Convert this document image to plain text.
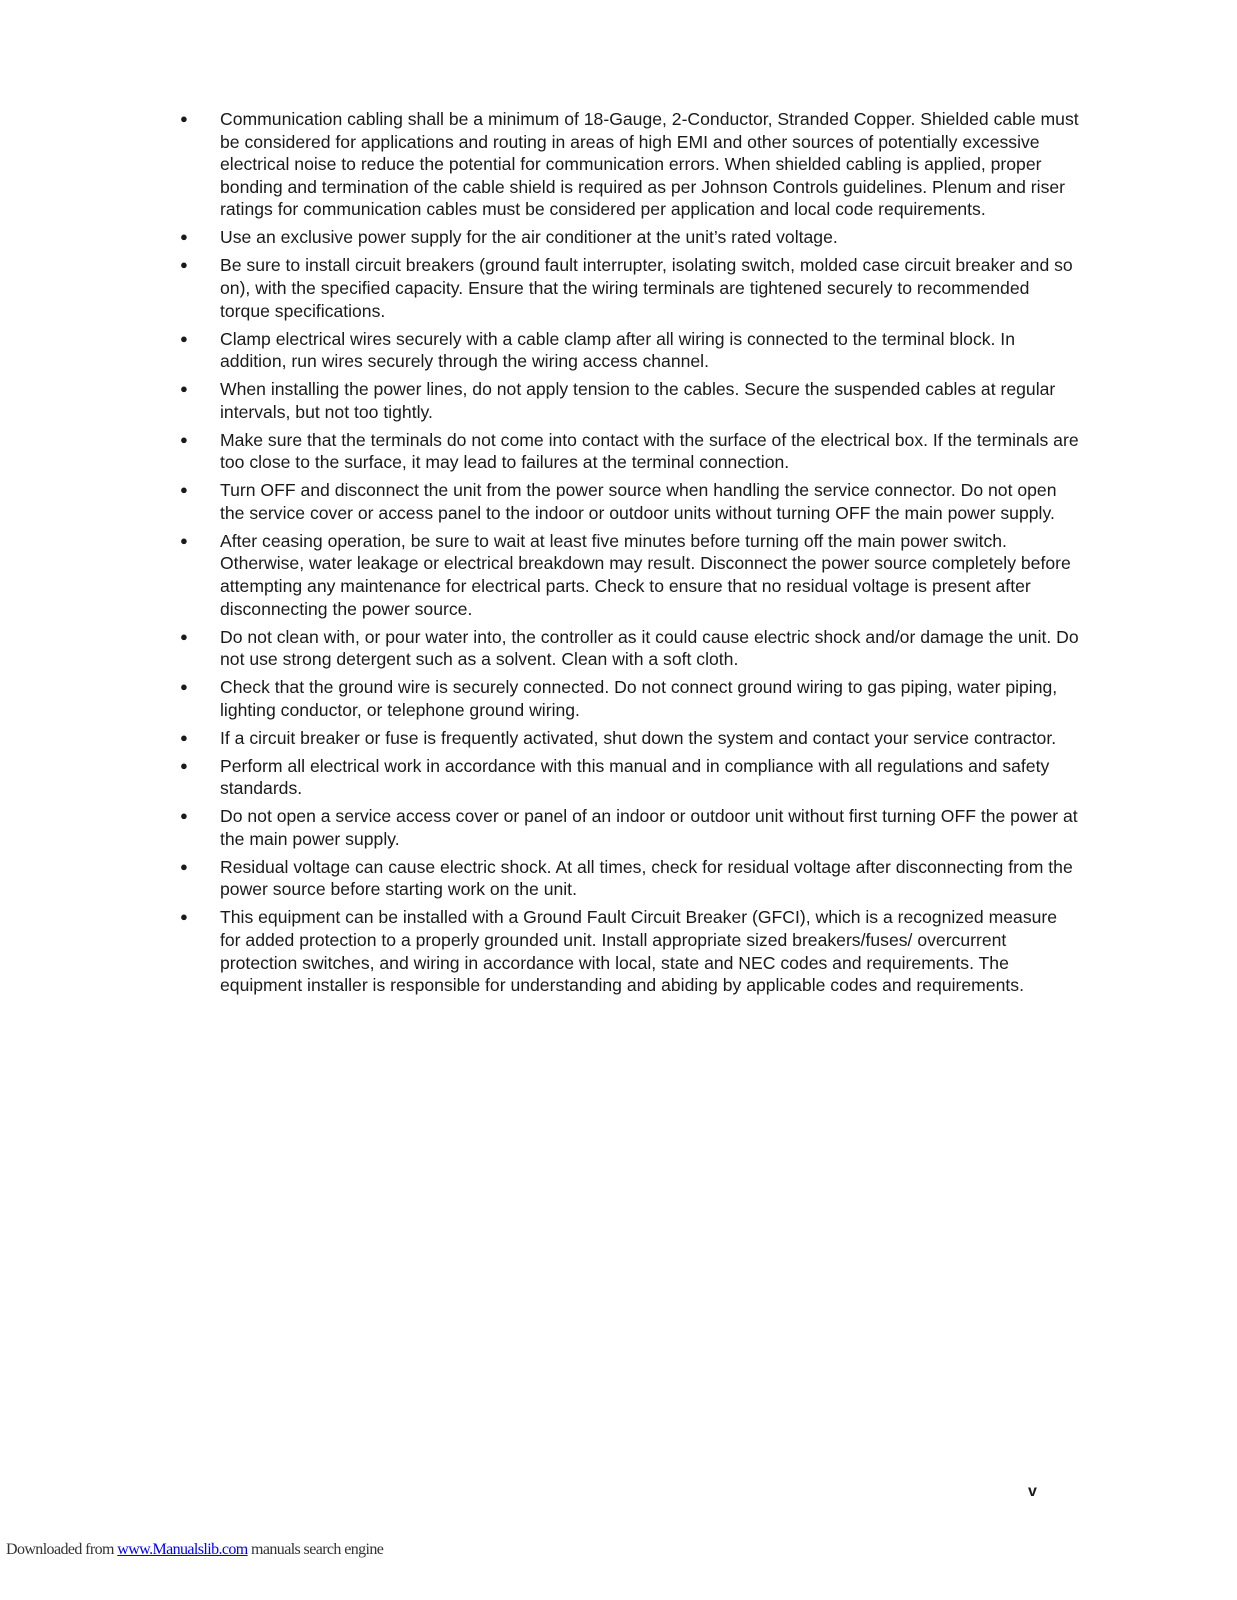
●	Communication cabling shall be a minimum of 18-Gauge, 2-Conductor, Stranded Copper. Shielded cable must be considered for applications and routing in areas of high EMI and other sources of potentially excessive electrical noise to reduce the potential for communication errors. When shielded cabling is applied, proper bonding and termination of the cable shield is required as per Johnson Controls guidelines. Plenum and riser ratings for communication cables must be considered per application and local code requirements.
●	Use an exclusive power supply for the air conditioner at the unit’s rated voltage.
●	Be sure to install circuit breakers (ground fault interrupter, isolating switch, molded case circuit breaker and so on), with the specified capacity. Ensure that the wiring terminals are tightened securely to recommended torque specifications.
●	Clamp electrical wires securely with a cable clamp after all wiring is connected to the terminal block. In addition, run wires securely through the wiring access channel.
●	When installing the power lines, do not apply tension to the cables. Secure the suspended cables at regular intervals, but not too tightly.
●	Make sure that the terminals do not come into contact with the surface of the electrical box. If the terminals are too close to the surface, it may lead to failures at the terminal connection.
●	Turn OFF and disconnect the unit from the power source when handling the service connector. Do not open the service cover or access panel to the indoor or outdoor units without turning OFF the main power supply.
●	After ceasing operation, be sure to wait at least five minutes before turning off the main power switch. Otherwise, water leakage or electrical breakdown may result. Disconnect the power source completely before attempting any maintenance for electrical parts. Check to ensure that no residual voltage is present after disconnecting the power source.
●	Do not clean with, or pour water into, the controller as it could cause electric shock and/or damage the unit. Do not use strong detergent such as a solvent. Clean with a soft cloth.
●	Check that the ground wire is securely connected. Do not connect ground wiring to gas piping, water piping, lighting conductor, or telephone ground wiring.
●	If a circuit breaker or fuse is frequently activated, shut down the system and contact your service contractor.
●	Perform all electrical work in accordance with this manual and in compliance with all regulations and safety standards.
●	Do not open a service access cover or panel of an indoor or outdoor unit without first turning OFF the power at the main power supply.
●	Residual voltage can cause electric shock. At all times, check for residual voltage after disconnecting from the power source before starting work on the unit.
●	This equipment can be installed with a Ground Fault Circuit Breaker (GFCI), which is a recognized measure for added protection to a properly grounded unit. Install appropriate sized breakers/fuses/ overcurrent protection switches, and wiring in accordance with local, state and NEC codes and requirements. The equipment installer is responsible for understanding and abiding by applicable codes and requirements.
v
Downloaded from www.Manualslib.com manuals search engine
